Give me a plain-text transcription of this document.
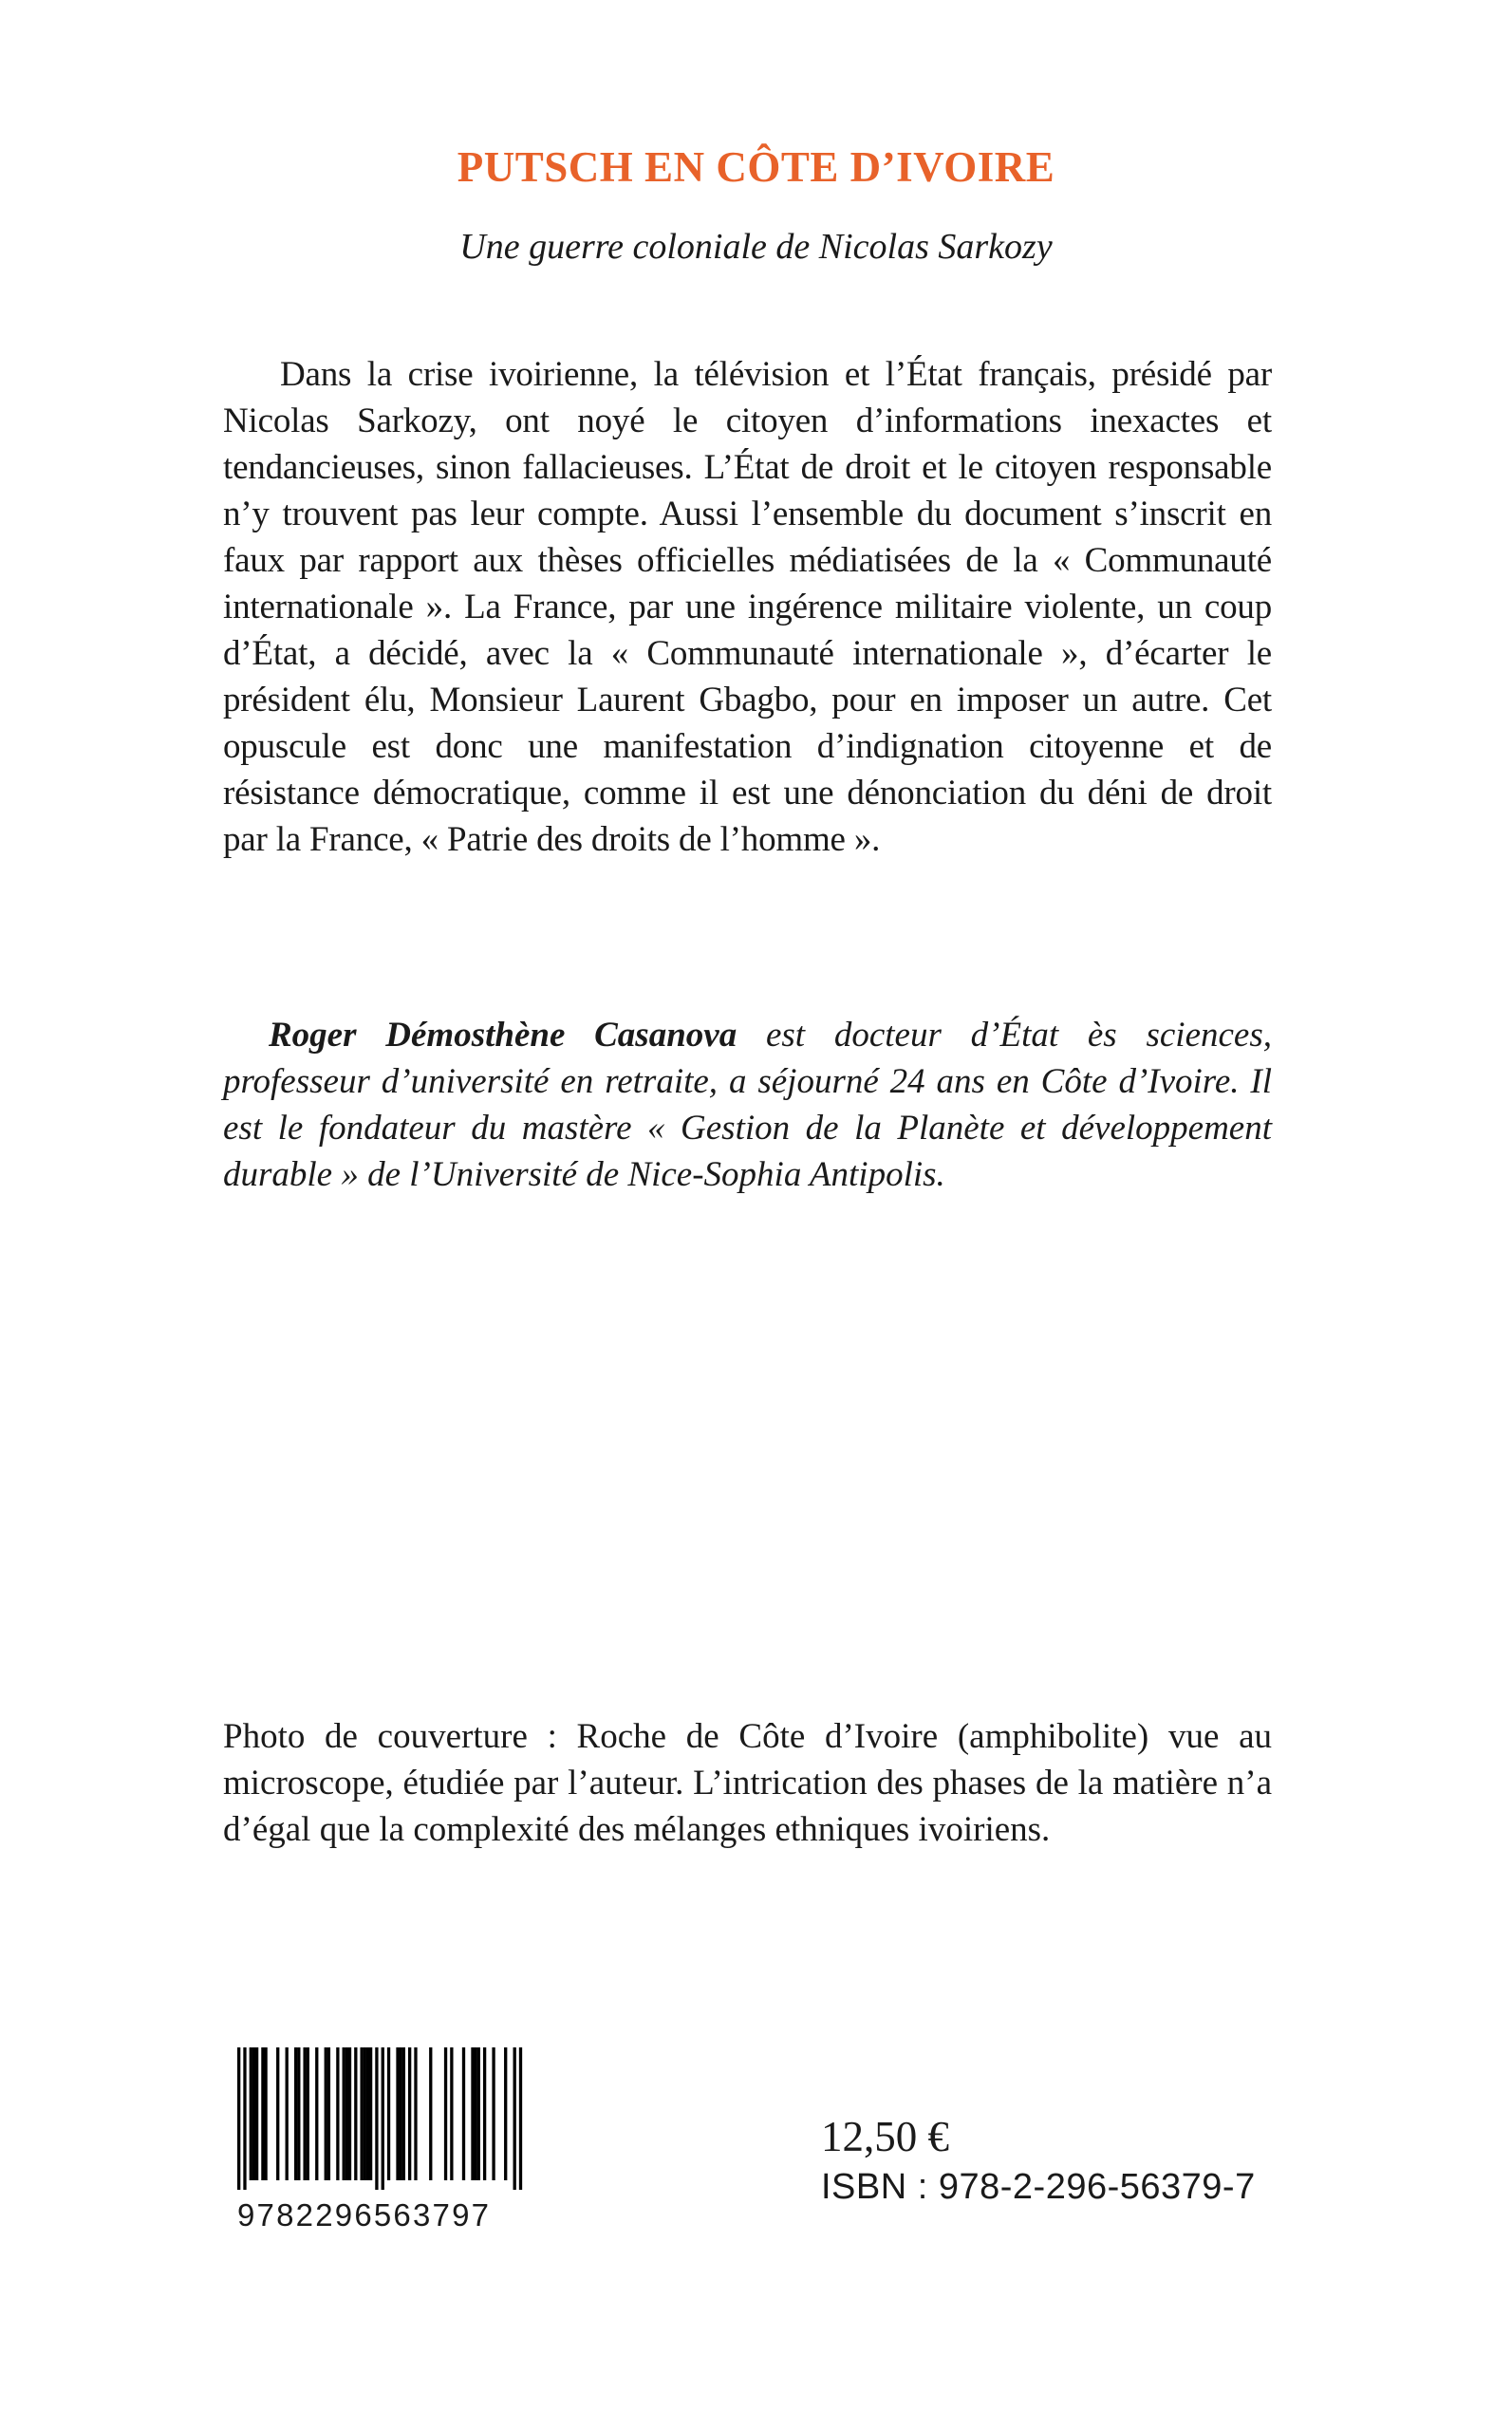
PUTSCH EN CÔTE D’IVOIRE
Une guerre coloniale de Nicolas Sarkozy
Dans la crise ivoirienne, la télévision et l’État français, présidé par Nicolas Sarkozy, ont noyé le citoyen d’informations inexactes et tendancieuses, sinon fallacieuses. L’État de droit et le citoyen responsable n’y trouvent pas leur compte. Aussi l’ensemble du document s’inscrit en faux par rapport aux thèses officielles médiatisées de la « Communauté internationale ». La France, par une ingérence militaire violente, un coup d’État, a décidé, avec la « Communauté internationale », d’écarter le président élu, Monsieur Laurent Gbagbo, pour en imposer un autre. Cet opuscule est donc une manifestation d’indignation citoyenne et de résistance démocratique, comme il est une dénonciation du déni de droit par la France, « Patrie des droits de l’homme ».
Roger Démosthène Casanova est docteur d’État ès sciences, professeur d’université en retraite, a séjourné 24 ans en Côte d’Ivoire. Il est le fondateur du mastère « Gestion de la Planète et développement durable » de l’Université de Nice-Sophia Antipolis.
Photo de couverture : Roche de Côte d’Ivoire (amphibolite) vue au microscope, étudiée par l’auteur. L’intrication des phases de la matière n’a d’égal que la complexité des mélanges ethniques ivoiriens.
9782296563797
12,50 €
ISBN : 978-2-296-56379-7
